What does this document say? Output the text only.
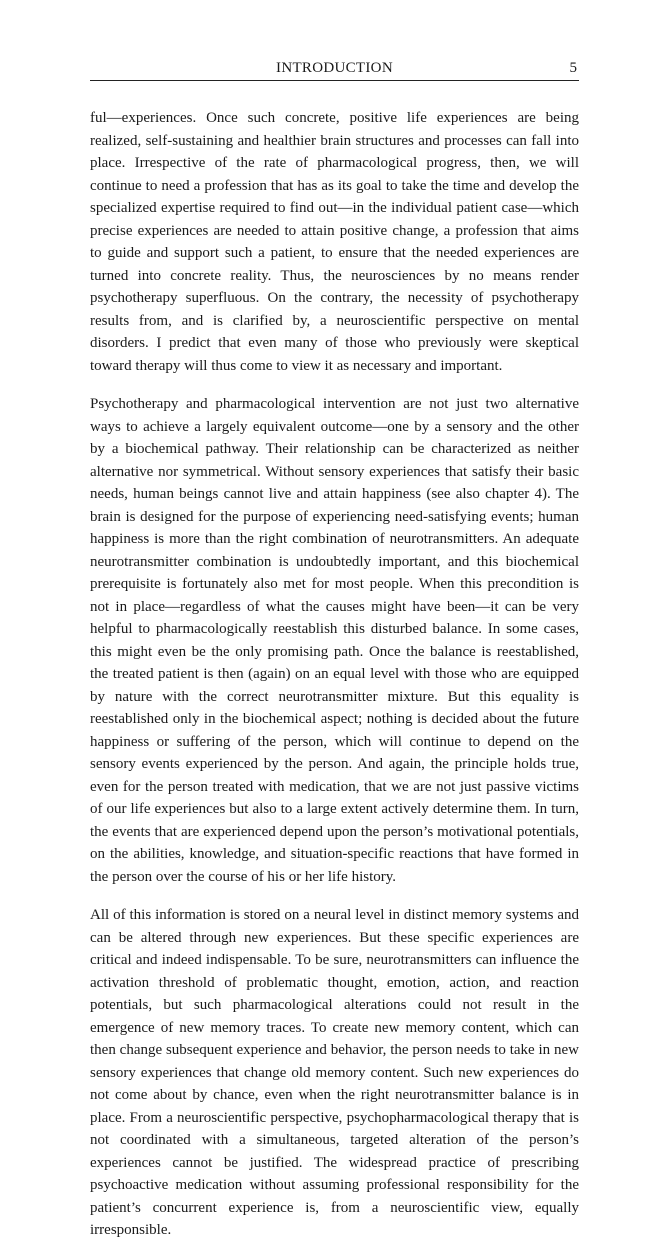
INTRODUCTION	5

ful—experiences. Once such concrete, positive life experiences are being realized, self-sustaining and healthier brain structures and processes can fall into place. Irrespective of the rate of pharmacological progress, then, we will continue to need a profession that has as its goal to take the time and develop the specialized expertise required to find out—in the individual patient case—which precise experiences are needed to attain positive change, a profession that aims to guide and support such a patient, to ensure that the needed experiences are turned into concrete reality. Thus, the neurosciences by no means render psychotherapy superfluous. On the contrary, the necessity of psychotherapy results from, and is clarified by, a neuroscientific perspective on mental disorders. I predict that even many of those who previously were skeptical toward therapy will thus come to view it as necessary and important.

Psychotherapy and pharmacological intervention are not just two alternative ways to achieve a largely equivalent outcome—one by a sensory and the other by a biochemical pathway. Their relationship can be characterized as neither alternative nor symmetrical. Without sensory experiences that satisfy their basic needs, human beings cannot live and attain happiness (see also chapter 4). The brain is designed for the purpose of experiencing need-satisfying events; human happiness is more than the right combination of neurotransmitters. An adequate neurotransmitter combination is undoubtedly important, and this biochemical prerequisite is fortunately also met for most people. When this precondition is not in place—regardless of what the causes might have been—it can be very helpful to pharmacologically reestablish this disturbed balance. In some cases, this might even be the only promising path. Once the balance is reestablished, the treated patient is then (again) on an equal level with those who are equipped by nature with the correct neurotransmitter mixture. But this equality is reestablished only in the biochemical aspect; nothing is decided about the future happiness or suffering of the person, which will continue to depend on the sensory events experienced by the person. And again, the principle holds true, even for the person treated with medication, that we are not just passive victims of our life experiences but also to a large extent actively determine them. In turn, the events that are experienced depend upon the person’s motivational potentials, on the abilities, knowledge, and situation-specific reactions that have formed in the person over the course of his or her life history.

All of this information is stored on a neural level in distinct memory systems and can be altered through new experiences. But these specific experiences are critical and indeed indispensable. To be sure, neurotransmitters can influence the activation threshold of problematic thought, emotion, action, and reaction potentials, but such pharmacological alterations could not result in the emergence of new memory traces. To create new memory content, which can then change subsequent experience and behavior, the person needs to take in new sensory experiences that change old memory content. Such new experiences do not come about by chance, even when the right neurotransmitter balance is in place. From a neuroscientific perspective, psychopharmacological therapy that is not coordinated with a simultaneous, targeted alteration of the person’s experiences cannot be justified. The widespread practice of prescribing psychoactive medication without assuming professional responsibility for the patient’s concurrent experience is, from a neuroscientific view, equally irresponsible.
